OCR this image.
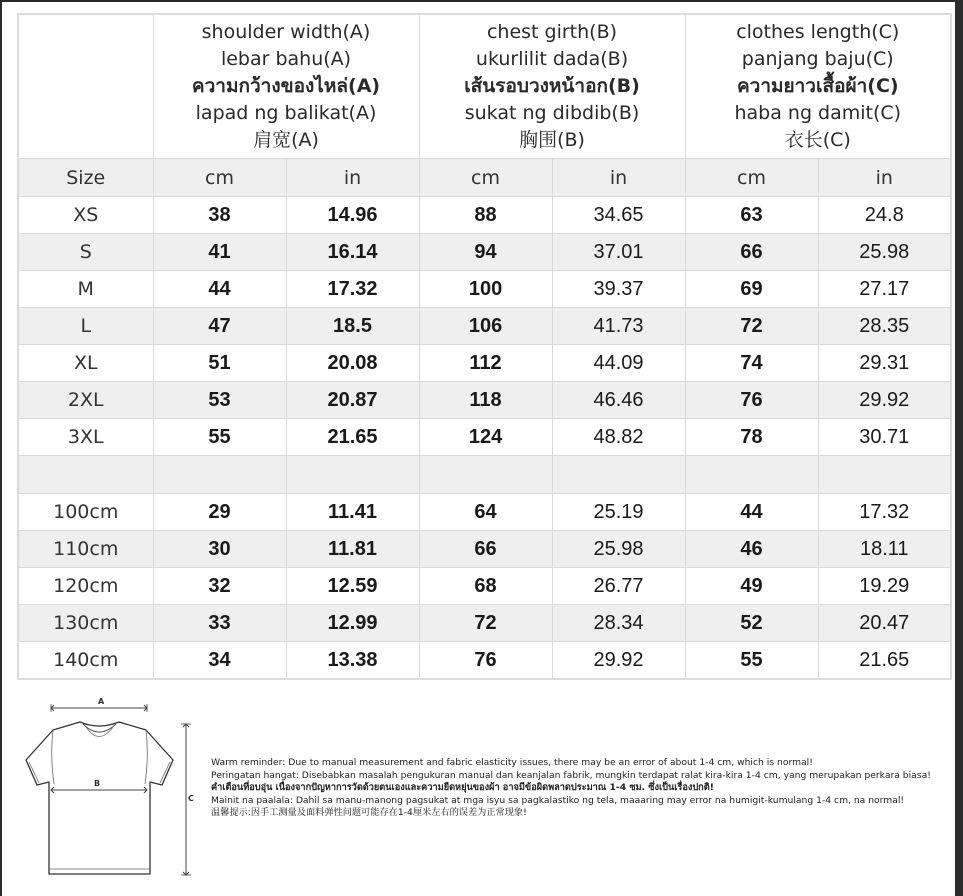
shoulder width(A)
lebar bahu(A)
ความกว้างของไหล่(A)
lapad ng balikat(A)
肩宽(A)

chest girth(B)
ukurlilit dada(B)
เส้นรอบวงหน้าอก(B)
sukat ng dibdib(B)
胸围(B)

clothes length(C)
panjang baju(C)
ความยาวเสื้อผ้า(C)
haba ng damit(C)
衣长(C)

Size	cm	in	cm	in	cm	in
XS	38	14.96	88	34.65	63	24.8
S	41	16.14	94	37.01	66	25.98
M	44	17.32	100	39.37	69	27.17
L	47	18.5	106	41.73	72	28.35
XL	51	20.08	112	44.09	74	29.31
2XL	53	20.87	118	46.46	76	29.92
3XL	55	21.65	124	48.82	78	30.71

100cm	29	11.41	64	25.19	44	17.32
110cm	30	11.81	66	25.98	46	18.11
120cm	32	12.59	68	26.77	49	19.29
130cm	33	12.99	72	28.34	52	20.47
140cm	34	13.38	76	29.92	55	21.65
A
B
C
Warm reminder: Due to manual measurement and fabric elasticity issues, there may be an error of about 1-4 cm, which is normal!
Peringatan hangat: Disebabkan masalah pengukuran manual dan keanjalan fabrik, mungkin terdapat ralat kira-kira 1-4 cm, yang merupakan perkara biasa!
คำเตือนที่อบอุ่น เนื่องจากปัญหาการวัดด้วยตนเองและความยืดหยุ่นของผ้า อาจมีข้อผิดพลาดประมาณ 1-4 ซม. ซึ่งเป็นเรื่องปกติ!
Mainit na paalala: Dahil sa manu-manong pagsukat at mga isyu sa pagkalastiko ng tela, maaaring may error na humigit-kumulang 1-4 cm, na normal!
温馨提示:因手工测量及面料弹性问题可能存在1-4厘米左右的误差为正常现象!
